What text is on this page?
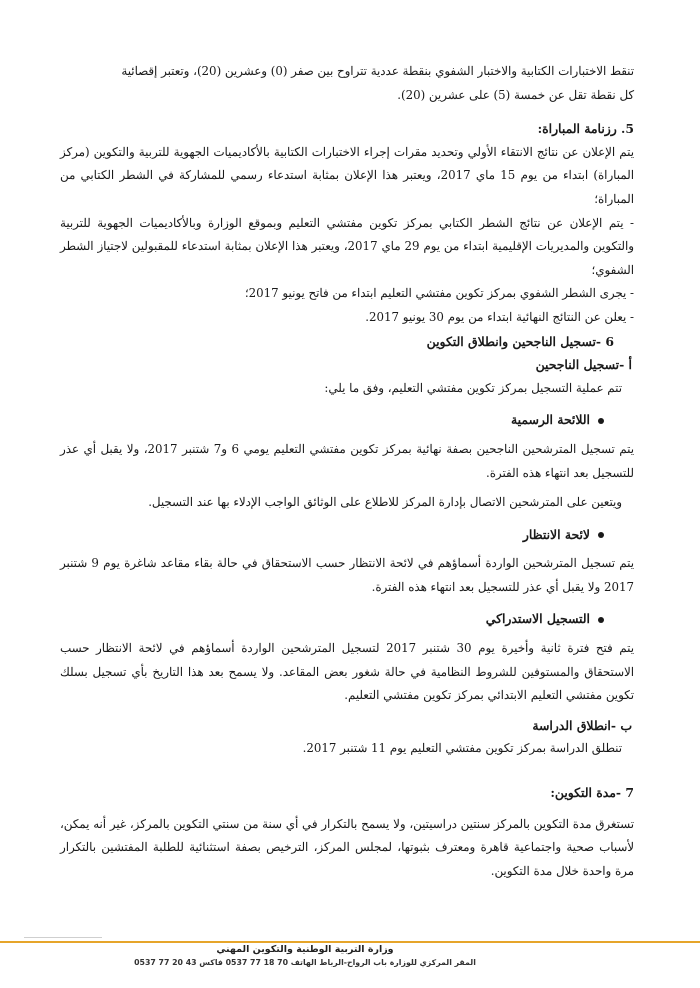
تنقط الاختبارات الكتابية والاختبار الشفوي بنقطة عددية تتراوح بين صفر (0) وعشرين (20)، وتعتبر إقصائية

كل نقطة تقل عن خمسة (5) على عشرين (20).

5. رزنامة المباراة:

يتم الإعلان عن نتائج الانتقاء الأولي وتحديد مقرات إجراء الاختبارات الكتابية بالأكاديميات الجهوية للتربية والتكوين (مركز المباراة) ابتداء من يوم 15 ماي 2017، ويعتبر هذا الإعلان بمثابة استدعاء رسمي للمشاركة في الشطر الكتابي من المباراة؛

- يتم الإعلان عن نتائج الشطر الكتابي بمركز تكوين مفتشي التعليم وبموقع الوزارة وبالأكاديميات الجهوية للتربية والتكوين والمديريات الإقليمية ابتداء من يوم 29 ماي 2017، ويعتبر هذا الإعلان بمثابة استدعاء للمقبولين لاجتياز الشطر الشفوي؛

- يجرى الشطر الشفوي بمركز تكوين مفتشي التعليم ابتداء من فاتح يونيو 2017؛

- يعلن عن النتائج النهائية ابتداء من يوم 30 يونيو 2017.

6 -تسجيل الناجحين وانطلاق التكوين

أ -تسجيل الناجحين

تتم عملية التسجيل بمركز تكوين مفتشي التعليم، وفق ما يلي:

اللائحة الرسمية

يتم تسجيل المترشحين الناجحين بصفة نهائية بمركز تكوين مفتشي التعليم يومي 6 و7 شتنبر 2017، ولا يقبل أي عذر للتسجيل بعد انتهاء هذه الفترة.

ويتعين على المترشحين الاتصال بإدارة المركز للاطلاع على الوثائق الواجب الإدلاء بها عند التسجيل.

لائحة الانتظار

يتم تسجيل المترشحين الواردة أسماؤهم في لائحة الانتظار حسب الاستحقاق في حالة بقاء مقاعد شاغرة يوم 9 شتنبر 2017 ولا يقبل أي عذر للتسجيل بعد انتهاء هذه الفترة.

التسجيل الاستدراكي

يتم فتح فترة ثانية وأخيرة يوم 30 شتنبر 2017 لتسجيل المترشحين الواردة أسماؤهم في لائحة الانتظار حسب الاستحقاق والمستوفين للشروط النظامية في حالة شغور بعض المقاعد. ولا يسمح بعد هذا التاريخ بأي تسجيل بسلك تكوين مفتشي التعليم الابتدائي بمركز تكوين مفتشي التعليم.

ب -انطلاق الدراسة

تنطلق الدراسة بمركز تكوين مفتشي التعليم يوم 11 شتنبر 2017.

7 -مدة التكوين:

تستغرق مدة التكوين بالمركز سنتين دراسيتين، ولا يسمح بالتكرار في أي سنة من سنتي التكوين بالمركز، غير أنه يمكن، لأسباب صحية واجتماعية قاهرة ومعترف بثبوتها، لمجلس المركز، الترخيص بصفة استثنائية للطلبة المفتشين بالتكرار مرة واحدة خلال مدة التكوين.

وزارة التربية الوطنية والتكوين المهني
المقر المركزي للوزارة باب الرواح-الرباط الهاتف 70 18 77 0537 فاكس 43 20 77 0537
